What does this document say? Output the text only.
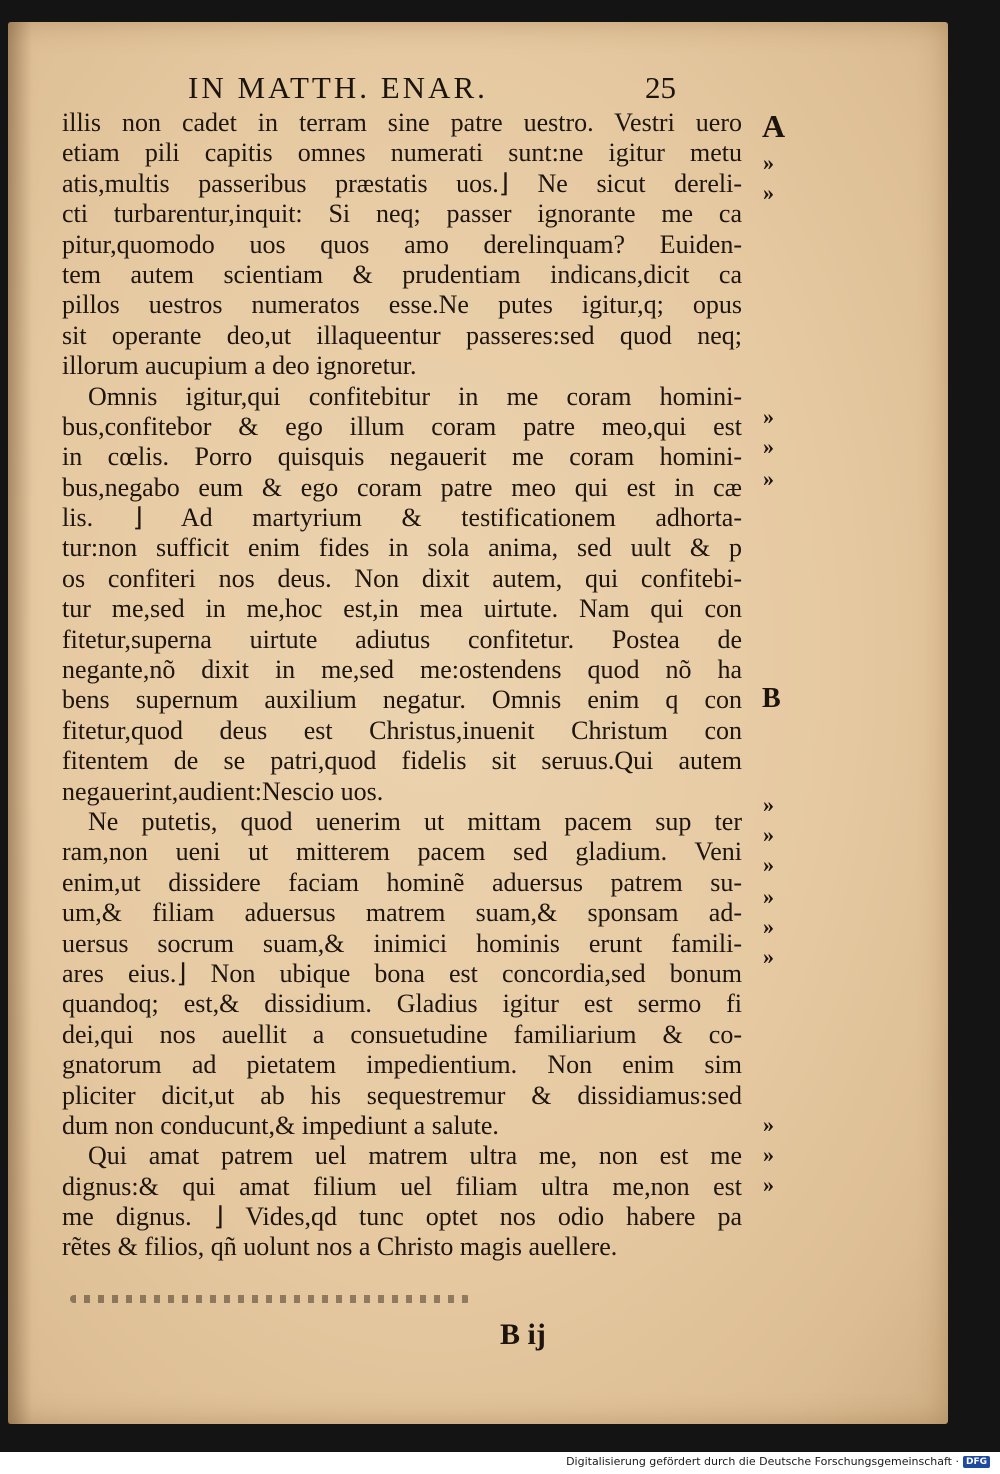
IN MATTH. ENAR.	25
illis non cadet in terram sine patre uestro. Vestri uero
etiam pili capitis omnes numerati sunt:ne igitur metu
atis,multis passeribus præstatis uos.⌋ Ne sicut dereli-
cti turbarentur,inquit: Si neq; passer ignorante me ca
pitur,quomodo uos quos amo derelinquam? Euiden-
tem autem scientiam & prudentiam indicans,dicit ca
pillos uestros numeratos esse.Ne putes igitur,q; opus
sit operante deo,ut illaqueentur passeres:sed quod neq;
illorum aucupium a deo ignoretur.
Omnis igitur,qui confitebitur in me coram homini-
bus,confitebor & ego illum coram patre meo,qui est
in cœlis. Porro quisquis negauerit me coram homini-
bus,negabo eum & ego coram patre meo qui est in cæ
lis. ⌋ Ad martyrium & testificationem adhorta-
tur:non sufficit enim fides in sola anima, sed uult & p
os confiteri nos deus. Non dixit autem, qui confitebi-
tur me,sed in me,hoc est,in mea uirtute. Nam qui con
fitetur,superna uirtute adiutus confitetur. Postea de
negante,nõ dixit in me,sed me:ostendens quod nõ ha
bens supernum auxilium negatur. Omnis enim q con
fitetur,quod deus est Christus,inuenit Christum con
fitentem de se patri,quod fidelis sit seruus.Qui autem
negauerint,audient:Nescio uos.
Ne putetis, quod uenerim ut mittam pacem sup ter
ram,non ueni ut mitterem pacem sed gladium. Veni
enim,ut dissidere faciam hominẽ aduersus patrem su-
um,& filiam aduersus matrem suam,& sponsam ad-
uersus socrum suam,& inimici hominis erunt famili-
ares eius.⌋ Non ubique bona est concordia,sed bonum
quandoq; est,& dissidium. Gladius igitur est sermo fi
dei,qui nos auellit a consuetudine familiarium & co-
gnatorum ad pietatem impedientium. Non enim sim
pliciter dicit,ut ab his sequestremur & dissidiamus:sed
dum non conducunt,& impediunt a salute.
Qui amat patrem uel matrem ultra me, non est me
dignus:& qui amat filium uel filiam ultra me,non est
me dignus. ⌋ Vides,qd tunc optet nos odio habere pa
rẽtes & filios, qñ uolunt nos a Christo magis auellere.
A
B
»
»
»
»
»
»
»
»
»
»
»
»
»
»
B ij
Digitalisierung gefördert durch die Deutsche Forschungsgemeinschaft · DFG
